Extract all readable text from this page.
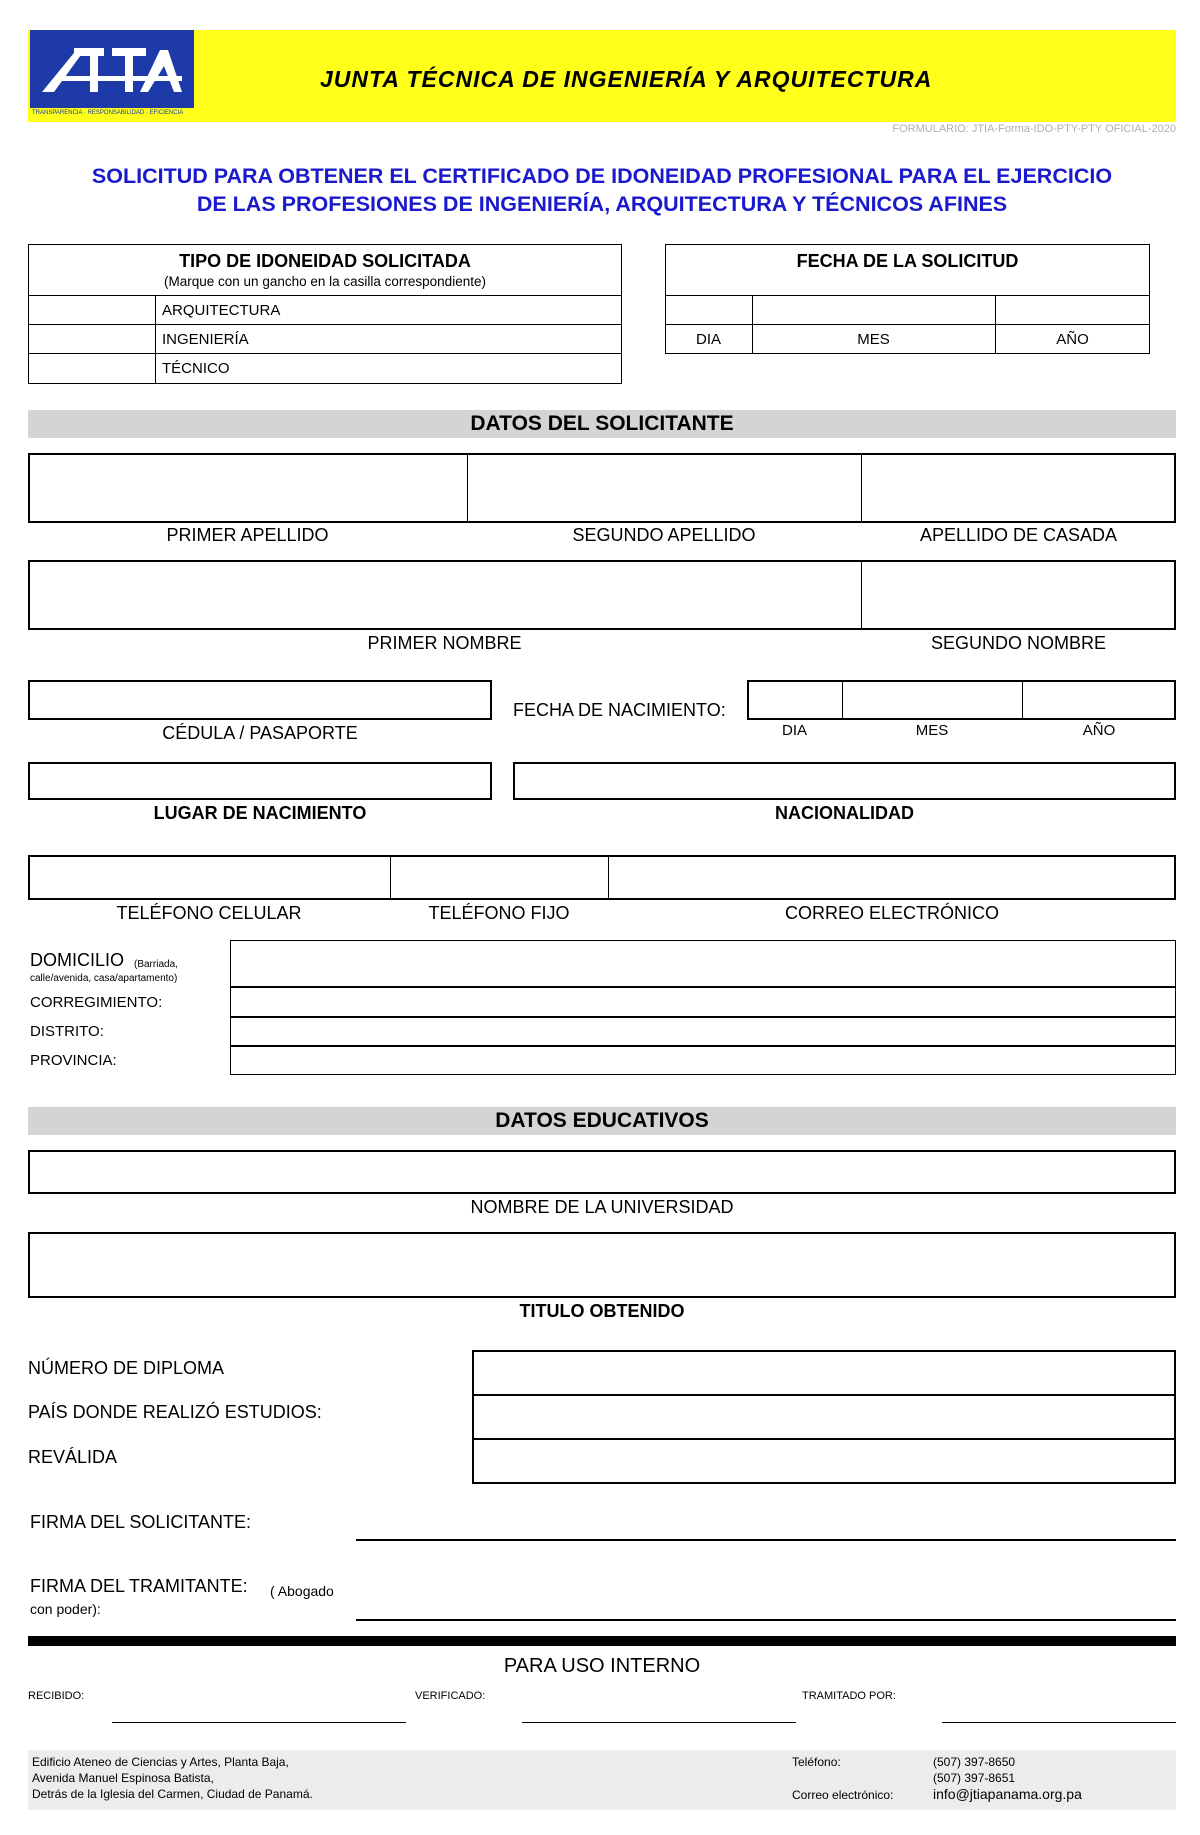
TRANSPARENCIA · RESPONSABILIDAD · EFICIENCIA
JUNTA TÉCNICA DE INGENIERÍA Y ARQUITECTURA
FORMULARIO: JTIA-Forma-IDO-PTY-PTY OFICIAL-2020
SOLICITUD PARA OBTENER EL CERTIFICADO DE IDONEIDAD PROFESIONAL PARA EL EJERCICIO
DE LAS PROFESIONES DE INGENIERÍA, ARQUITECTURA Y TÉCNICOS AFINES
TIPO DE IDONEIDAD SOLICITADA
(Marque con un gancho en la casilla correspondiente)
ARQUITECTURA
INGENIERÍA
TÉCNICO
FECHA DE LA SOLICITUD
DIA	MES	AÑO
DATOS DEL SOLICITANTE
PRIMER APELLIDO	SEGUNDO APELLIDO	APELLIDO DE CASADA
PRIMER NOMBRE	SEGUNDO NOMBRE
CÉDULA / PASAPORTE
FECHA DE NACIMIENTO:
DIA	MES	AÑO
LUGAR DE NACIMIENTO	NACIONALIDAD
TELÉFONO CELULAR	TELÉFONO FIJO	CORREO ELECTRÓNICO
DOMICILIO (Barriada, calle/avenida, casa/apartamento)
CORREGIMIENTO:
DISTRITO:
PROVINCIA:
DATOS EDUCATIVOS
NOMBRE DE LA UNIVERSIDAD
TITULO OBTENIDO
NÚMERO DE DIPLOMA
PAÍS DONDE REALIZÓ ESTUDIOS:
REVÁLIDA
FIRMA DEL SOLICITANTE:
FIRMA DEL TRAMITANTE:	( Abogado con poder):
PARA USO INTERNO
RECIBIDO:	VERIFICADO:	TRAMITADO POR:
Edificio Ateneo de Ciencias y Artes, Planta Baja,
Avenida Manuel Espinosa Batista,
Detrás de la Iglesia del Carmen, Ciudad de Panamá.
Teléfono:	(507) 397-8650
(507) 397-8651
Correo electrónico:	info@jtiapanama.org.pa
